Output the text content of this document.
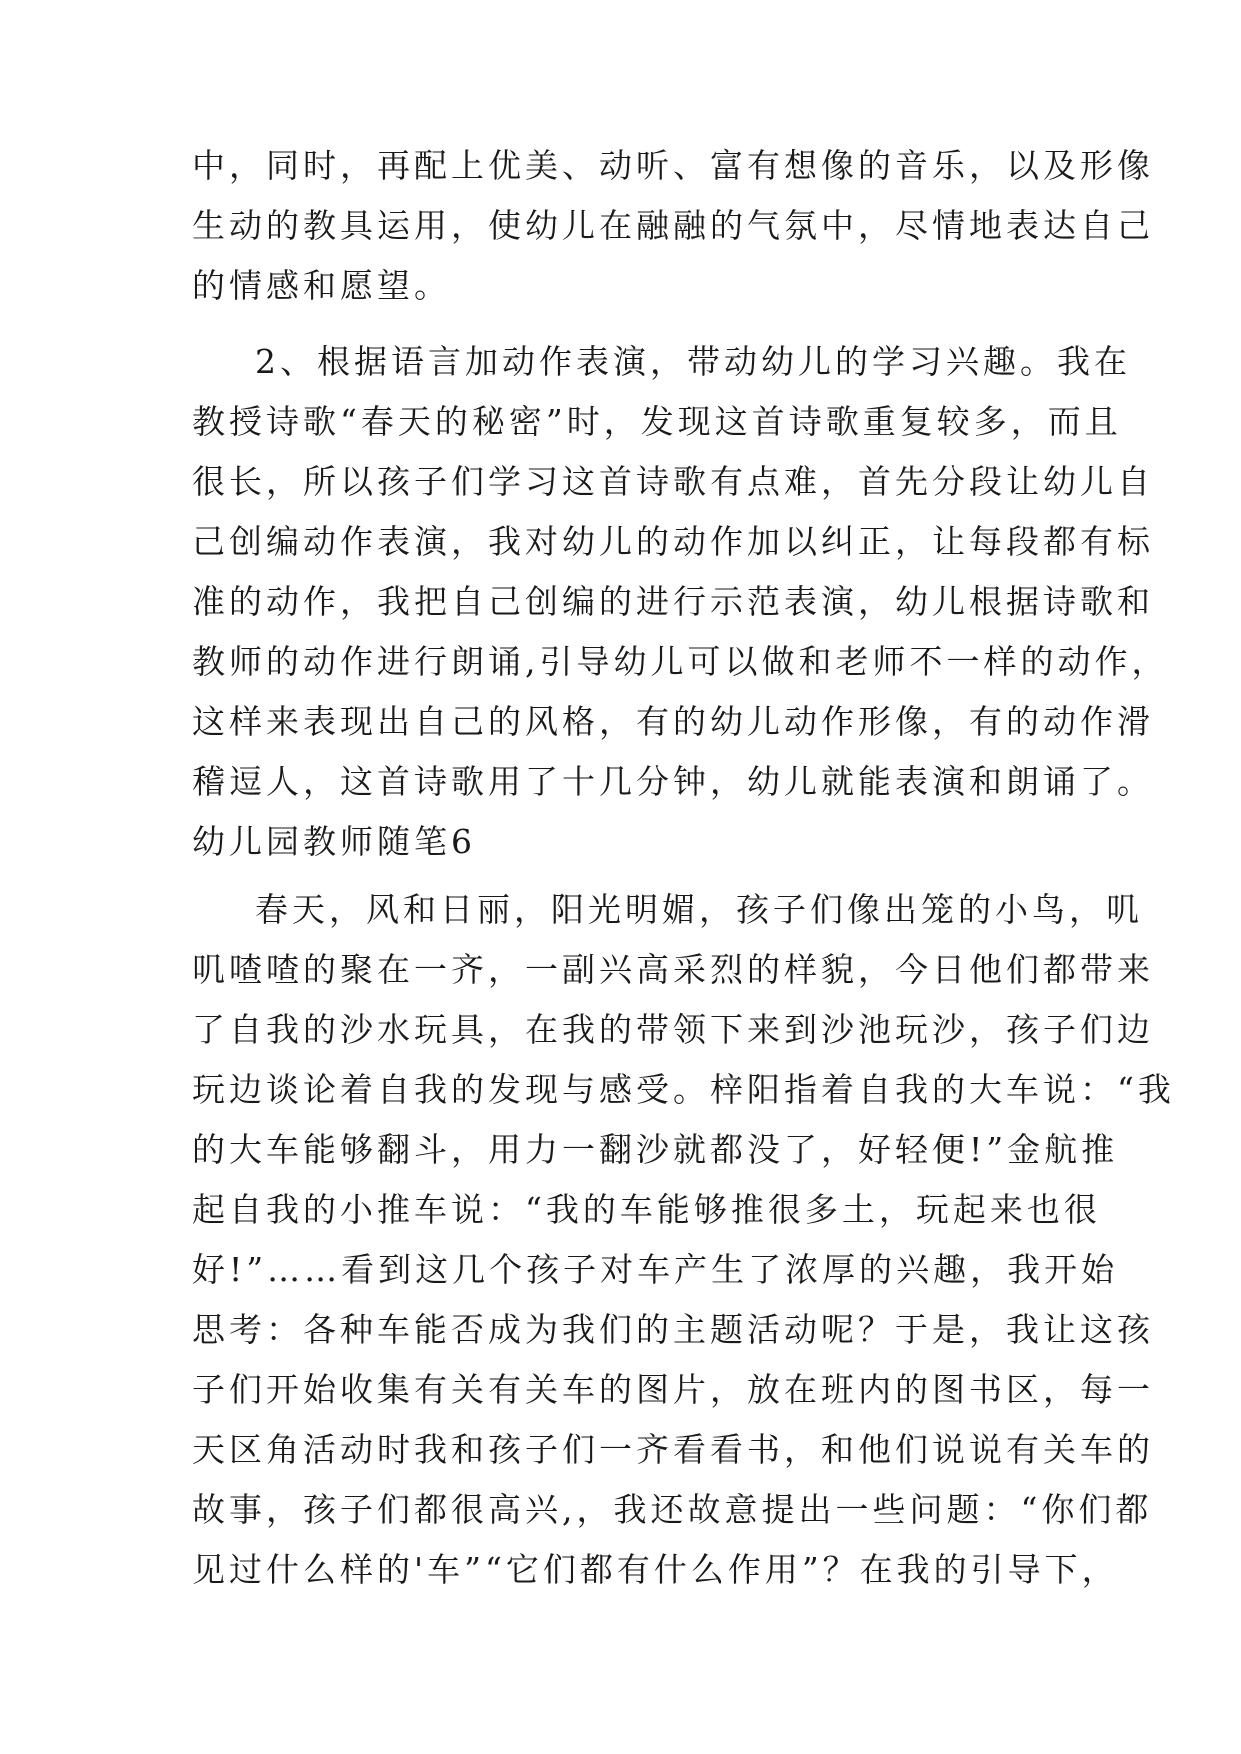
中，同时，再配上优美、动听、富有想像的音乐，以及形像
生动的教具运用，使幼儿在融融的气氛中，尽情地表达自己
的情感和愿望。
2、根据语言加动作表演，带动幼儿的学习兴趣。我在
教授诗歌“春天的秘密”时，发现这首诗歌重复较多，而且
很长，所以孩子们学习这首诗歌有点难，首先分段让幼儿自
己创编动作表演，我对幼儿的动作加以纠正，让每段都有标
准的动作，我把自己创编的进行示范表演，幼儿根据诗歌和
教师的动作进行朗诵,引导幼儿可以做和老师不一样的动作，
这样来表现出自己的风格，有的幼儿动作形像，有的动作滑
稽逗人，这首诗歌用了十几分钟，幼儿就能表演和朗诵了。
幼儿园教师随笔6
春天，风和日丽，阳光明媚，孩子们像出笼的小鸟，叽
叽喳喳的聚在一齐，一副兴高采烈的样貌，今日他们都带来
了自我的沙水玩具，在我的带领下来到沙池玩沙，孩子们边
玩边谈论着自我的发现与感受。梓阳指着自我的大车说：“我
的大车能够翻斗，用力一翻沙就都没了，好轻便!”金航推
起自我的小推车说：“我的车能够推很多土，玩起来也很
好!”……看到这几个孩子对车产生了浓厚的兴趣，我开始
思考：各种车能否成为我们的主题活动呢？于是，我让这孩
子们开始收集有关有关车的图片，放在班内的图书区，每一
天区角活动时我和孩子们一齐看看书，和他们说说有关车的
故事，孩子们都很高兴,，我还故意提出一些问题：“你们都
见过什么样的'车”“它们都有什么作用”？在我的引导下，
